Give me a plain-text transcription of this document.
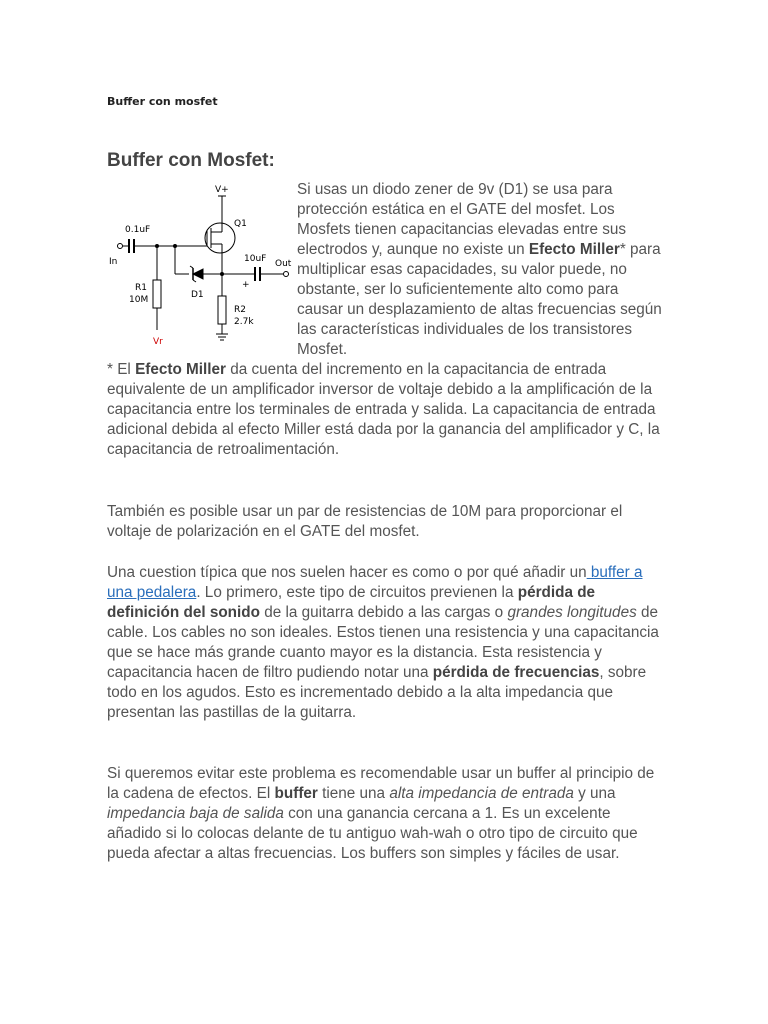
Buffer con mosfet
Buffer con Mosfet:
V+
Q1
0.1uF
In
R1
10M
Vr
D1
10uF Out
+
R2
2.7k
Si usas un diodo zener de 9v (D1) se usa para protección estática en el GATE del mosfet. Los Mosfets tienen capacitancias elevadas entre sus electrodos y, aunque no existe un Efecto Miller* para multiplicar esas capacidades, su valor puede, no obstante, ser lo suficientemente alto como para causar un desplazamiento de altas frecuencias según las características individuales de los transistores Mosfet.
* El Efecto Miller da cuenta del incremento en la capacitancia de entrada equivalente de un amplificador inversor de voltaje debido a la amplificación de la capacitancia entre los terminales de entrada y salida. La capacitancia de entrada adicional debida al efecto Miller está dada por la ganancia del amplificador y C, la capacitancia de retroalimentación.

También es posible usar un par de resistencias de 10M para proporcionar el voltaje de polarización en el GATE del mosfet.

Una cuestion típica que nos suelen hacer es como o por qué añadir un buffer a una pedalera. Lo primero, este tipo de circuitos previenen la pérdida de definición del sonido de la guitarra debido a las cargas o grandes longitudes de cable. Los cables no son ideales. Estos tienen una resistencia y una capacitancia que se hace más grande cuanto mayor es la distancia. Esta resistencia y capacitancia hacen de filtro pudiendo notar una pérdida de frecuencias, sobre todo en los agudos. Esto es incrementado debido a la alta impedancia que presentan las pastillas de la guitarra.

Si queremos evitar este problema es recomendable usar un buffer al principio de la cadena de efectos. El buffer tiene una alta impedancia de entrada y una impedancia baja de salida con una ganancia cercana a 1. Es un excelente añadido si lo colocas delante de tu antiguo wah-wah o otro tipo de circuito que pueda afectar a altas frecuencias. Los buffers son simples y fáciles de usar.
